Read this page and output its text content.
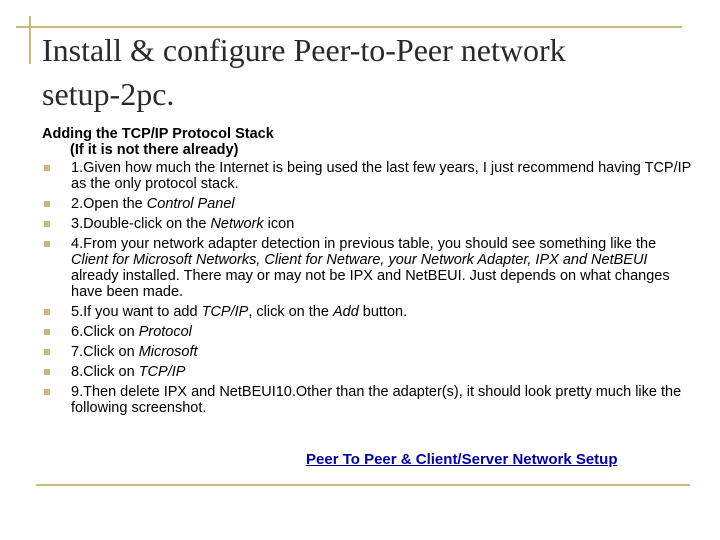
Install & configure Peer-to-Peer network
setup-2pc.

Adding the TCP/IP Protocol Stack
(If it is not there already)

1.Given how much the Internet is being used the last few years, I just recommend having TCP/IP as the only protocol stack.
2.Open the Control Panel
3.Double-click on the Network icon
4.From your network adapter detection in previous table, you should see something like the Client for Microsoft Networks, Client for Netware, your Network Adapter, IPX and NetBEUI already installed. There may or may not be IPX and NetBEUI. Just depends on what changes have been made.
5.If you want to add TCP/IP, click on the Add button.
6.Click on Protocol
7.Click on Microsoft
8.Click on TCP/IP
9.Then delete IPX and NetBEUI10.Other than the adapter(s), it should look pretty much like the following screenshot.
Peer To Peer & Client/Server Network Setup
